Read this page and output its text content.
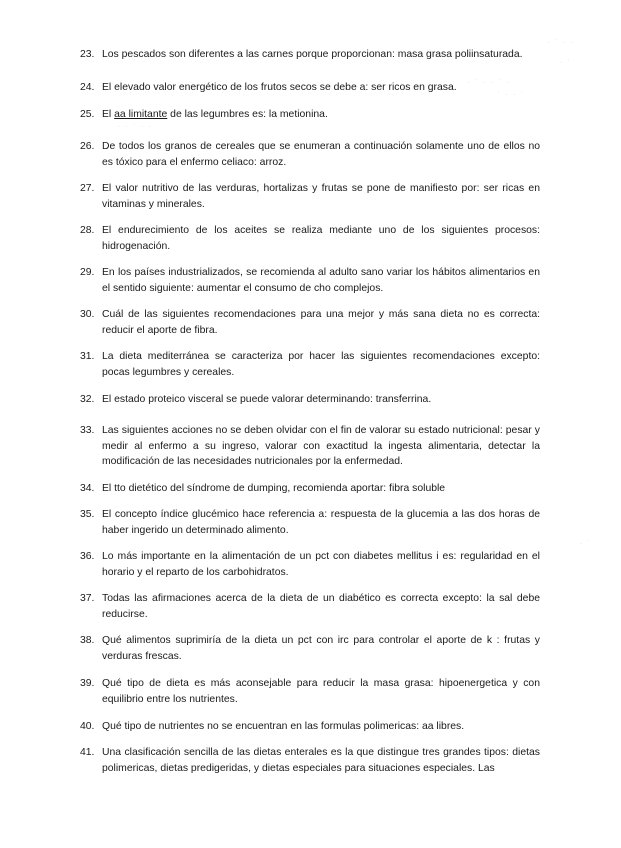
23. Los pescados son diferentes a las carnes porque proporcionan: masa grasa poliinsaturada.
24. El elevado valor energético de los frutos secos se debe a: ser ricos en grasa.
25. El aa limitante de las legumbres es: la metionina.
26. De todos los granos de cereales que se enumeran a continuación solamente uno de ellos no es tóxico para el enfermo celiaco: arroz.
27. El valor nutritivo de las verduras, hortalizas y frutas se pone de manifiesto por: ser ricas en vitaminas y minerales.
28. El endurecimiento de los aceites se realiza mediante uno de los siguientes procesos: hidrogenación.
29. En los países industrializados, se recomienda al adulto sano variar los hábitos alimentarios en el sentido siguiente: aumentar el consumo de cho complejos.
30. Cuál de las siguientes recomendaciones para una mejor y más sana dieta no es correcta: reducir el aporte de fibra.
31. La dieta mediterránea se caracteriza por hacer las siguientes recomendaciones excepto: pocas legumbres y cereales.
32. El estado proteico visceral se puede valorar determinando: transferrina.
33. Las siguientes acciones no se deben olvidar con el fin de valorar su estado nutricional: pesar y medir al enfermo a su ingreso, valorar con exactitud la ingesta alimentaria, detectar la modificación de las necesidades nutricionales por la enfermedad.
34. El tto dietético del síndrome de dumping, recomienda aportar: fibra soluble
35. El concepto índice glucémico hace referencia a: respuesta de la glucemia a las dos horas de haber ingerido un determinado alimento.
36. Lo más importante en la alimentación de un pct con diabetes mellitus i es: regularidad en el horario y el reparto de los carbohidratos.
37. Todas las afirmaciones acerca de la dieta de un diabético es correcta excepto: la sal debe reducirse.
38. Qué alimentos suprimiría de la dieta un pct con irc para controlar el aporte de k : frutas y verduras frescas.
39. Qué tipo de dieta es más aconsejable para reducir la masa grasa: hipoenergetica y con equilibrio entre los nutrientes.
40. Qué tipo de nutrientes no se encuentran en las formulas polimericas: aa libres.
41. Una clasificación sencilla de las dietas enterales es la que distingue tres grandes tipos: dietas polimericas, dietas predigeridas, y dietas especiales para situaciones especiales. Las
· ˙ · ·
· ˙
· ˙ · · ˙ ·
˙ · · ˙
· · ˙ · ·
· ˙
